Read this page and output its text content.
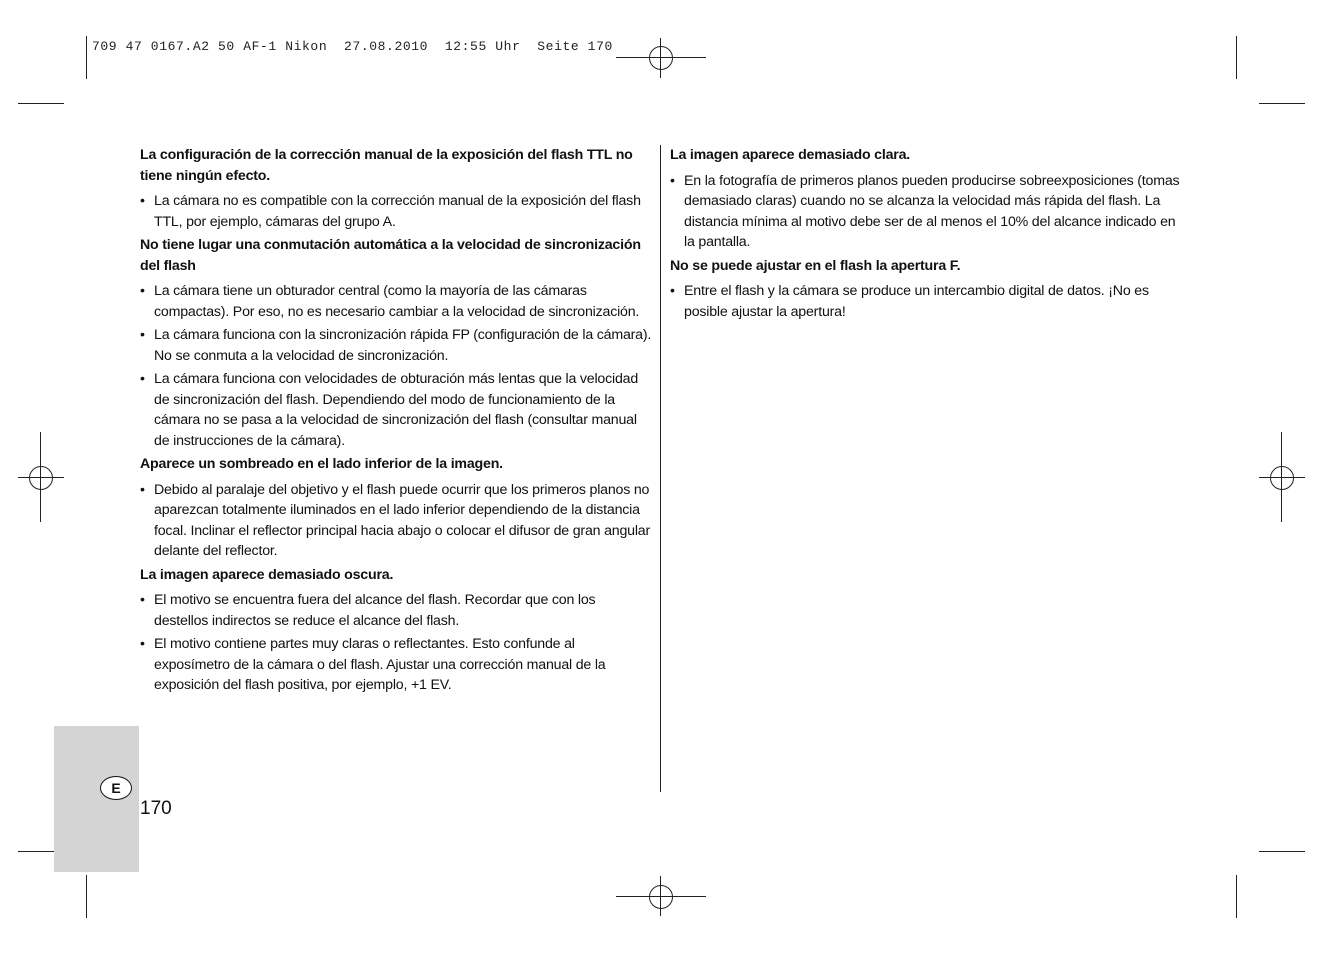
709 47 0167.A2 50 AF-1 Nikon  27.08.2010  12:55 Uhr  Seite 170
La configuración de la corrección manual de la exposición del flash TTL no tiene ningún efecto.
• La cámara no es compatible con la corrección manual de la exposición del flash TTL, por ejemplo, cámaras del grupo A.
No tiene lugar una conmutación automática a la velocidad de sincronización del flash
• La cámara tiene un obturador central (como la mayoría de las cámaras compactas). Por eso, no es necesario cambiar a la velocidad de sincronización.
• La cámara funciona con la sincronización rápida FP (configuración de la cámara). No se conmuta a la velocidad de sincronización.
• La cámara funciona con velocidades de obturación más lentas que la velocidad de sincronización del flash. Dependiendo del modo de funcionamiento de la cámara no se pasa a la velocidad de sincronización del flash (consultar manual de instrucciones de la cámara).
Aparece un sombreado en el lado inferior de la imagen.
• Debido al paralaje del objetivo y el flash puede ocurrir que los primeros planos no aparezcan totalmente iluminados en el lado inferior dependiendo de la distancia focal. Inclinar el reflector principal hacia abajo o colocar el difusor de gran angular delante del reflector.
La imagen aparece demasiado oscura.
• El motivo se encuentra fuera del alcance del flash. Recordar que con los destellos indirectos se reduce el alcance del flash.
• El motivo contiene partes muy claras o reflectantes. Esto confunde al exposímetro de la cámara o del flash. Ajustar una corrección manual de la exposición del flash positiva, por ejemplo, +1 EV.
La imagen aparece demasiado clara.
• En la fotografía de primeros planos pueden producirse sobreexposiciones (tomas demasiado claras) cuando no se alcanza la velocidad más rápida del flash. La distancia mínima al motivo debe ser de al menos el 10% del alcance indicado en la pantalla.
No se puede ajustar en el flash la apertura F.
• Entre el flash y la cámara se produce un intercambio digital de datos. ¡No es posible ajustar la apertura!
E
170
